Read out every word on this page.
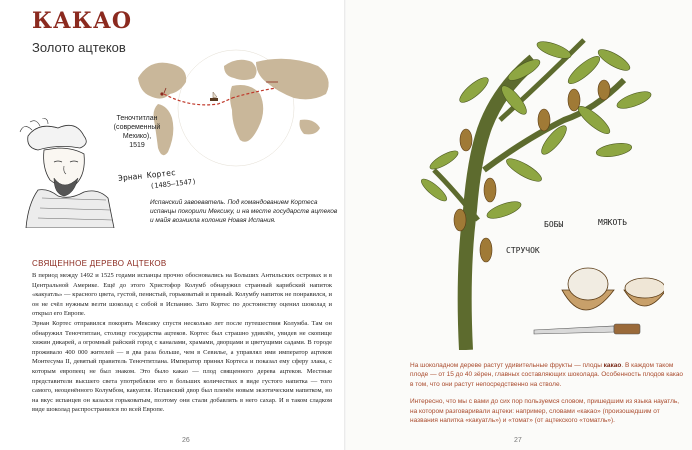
КАКАО
Золото ацтеков
Теночтитлан
(современный
Мехико),
1519
Эрнан Кортес
(1485–1547)
Испанский завоеватель. Под командованием Кортеса испанцы покорили Мексику, и на месте государств ацтеков и майя возникла колония Новая Испания.
СВЯЩЕННОЕ ДЕРЕВО АЦТЕКОВ

В период между 1492 и 1525 годами испанцы прочно обосновались на Больших Антильских островах и в Центральной Америке. Ещё до этого Христофор Колумб обнаружил странный карибский напиток «какуатль» — красного цвета, густой, пенистый, горьковатый и пряный. Колумбу напиток не понравился, и он не счёл нужным везти шоколад с собой в Испанию. Зато Кортес по достоинству оценил шоколад и открыл его Европе.

Эрнан Кортес отправился покорять Мексику спустя несколько лет после путешествия Колумба. Там он обнаружил Теночтитлан, столицу государства ацтеков. Кортес был страшно удивлён, увидев не скопище хижин дикарей, а огромный райский город с каналами, храмами, дворцами и цветущими садами. В городе проживало 400 000 жителей — в два раза больше, чем в Севилье, a управлял ими император ацтеков Монтесума II, девятый правитель Теночтитлана. Император принял Кортеса и показал ему сферу злака, с которым европеец не был знаком. Это было какао — плод священного дерева ацтеков. Местные представители высшего света употребляли его в больших количествах в виде густого напитка — того самого, неоценённого Колумбом, какуатля. Испанский двор был пленён новым экзотическим напитком, но на вкус испанцев он казался горьковатым, поэтому они стали добавлять в него сахар. И в таком сладком виде шоколад распространился по всей Европе.

26
БОБЫ	МЯКОТЬ
СТРУЧОК

На шоколадном дереве растут удивительные фрукты — плоды какао. В каждом таком плоде — от 15 до 40 зёрен, главных составляющих шоколада. Особенность плодов какао в том, что они растут непосредственно на стволе.

Интересно, что мы с вами до сих пор пользуемся словом, пришедшим из языка науатль, на котором разговаривали ацтеки: например, словами «какао» (произошедшим от названия напитка «какуатль») и «томат» (от ацтекского «томатль»).

27
